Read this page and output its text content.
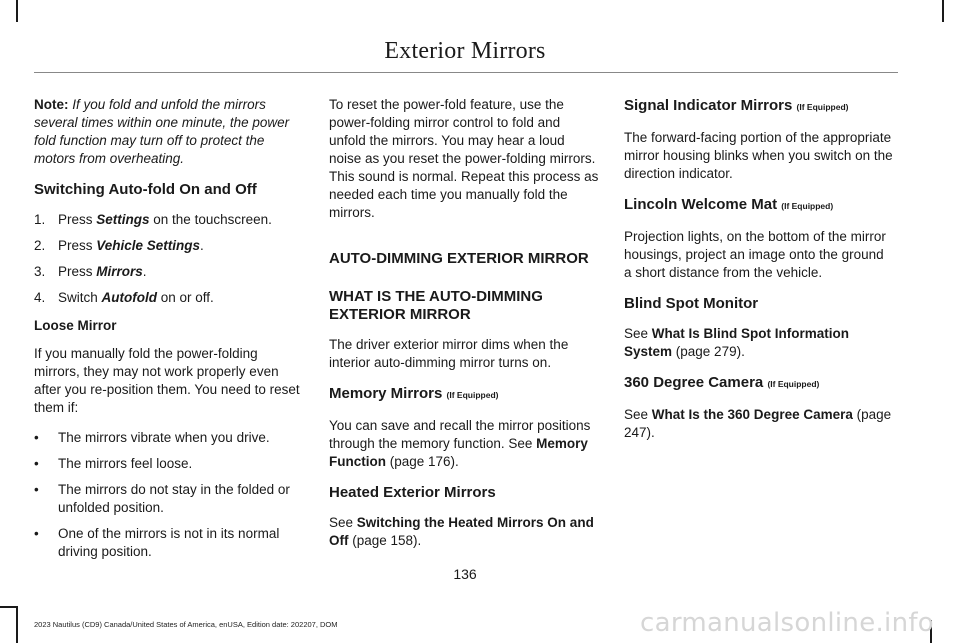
Exterior Mirrors

Note: If you fold and unfold the mirrors several times within one minute, the power fold function may turn off to protect the motors from overheating.

Switching Auto-fold On and Off
1. Press Settings on the touchscreen.
2. Press Vehicle Settings.
3. Press Mirrors.
4. Switch Autofold on or off.
Loose Mirror

If you manually fold the power-folding mirrors, they may not work properly even after you re-position them. You need to reset them if:

• The mirrors vibrate when you drive.
• The mirrors feel loose.
• The mirrors do not stay in the folded or unfolded position.
• One of the mirrors is not in its normal driving position.

To reset the power-fold feature, use the power-folding mirror control to fold and unfold the mirrors. You may hear a loud noise as you reset the power-folding mirrors. This sound is normal. Repeat this process as needed each time you manually fold the mirrors.

AUTO-DIMMING EXTERIOR MIRROR
WHAT IS THE AUTO-DIMMING EXTERIOR MIRROR

The driver exterior mirror dims when the interior auto-dimming mirror turns on.

Memory Mirrors (If Equipped)

You can save and recall the mirror positions through the memory function. See Memory Function (page 176).

Heated Exterior Mirrors

See Switching the Heated Mirrors On and Off (page 158).

Signal Indicator Mirrors (If Equipped)

The forward-facing portion of the appropriate mirror housing blinks when you switch on the direction indicator.

Lincoln Welcome Mat (If Equipped)

Projection lights, on the bottom of the mirror housings, project an image onto the ground a short distance from the vehicle.

Blind Spot Monitor

See What Is Blind Spot Information System (page 279).

360 Degree Camera (If Equipped)

See What Is the 360 Degree Camera (page 247).

136
2023 Nautilus (CD9) Canada/United States of America, enUSA, Edition date: 202207, DOM	carmanualsonline.info
